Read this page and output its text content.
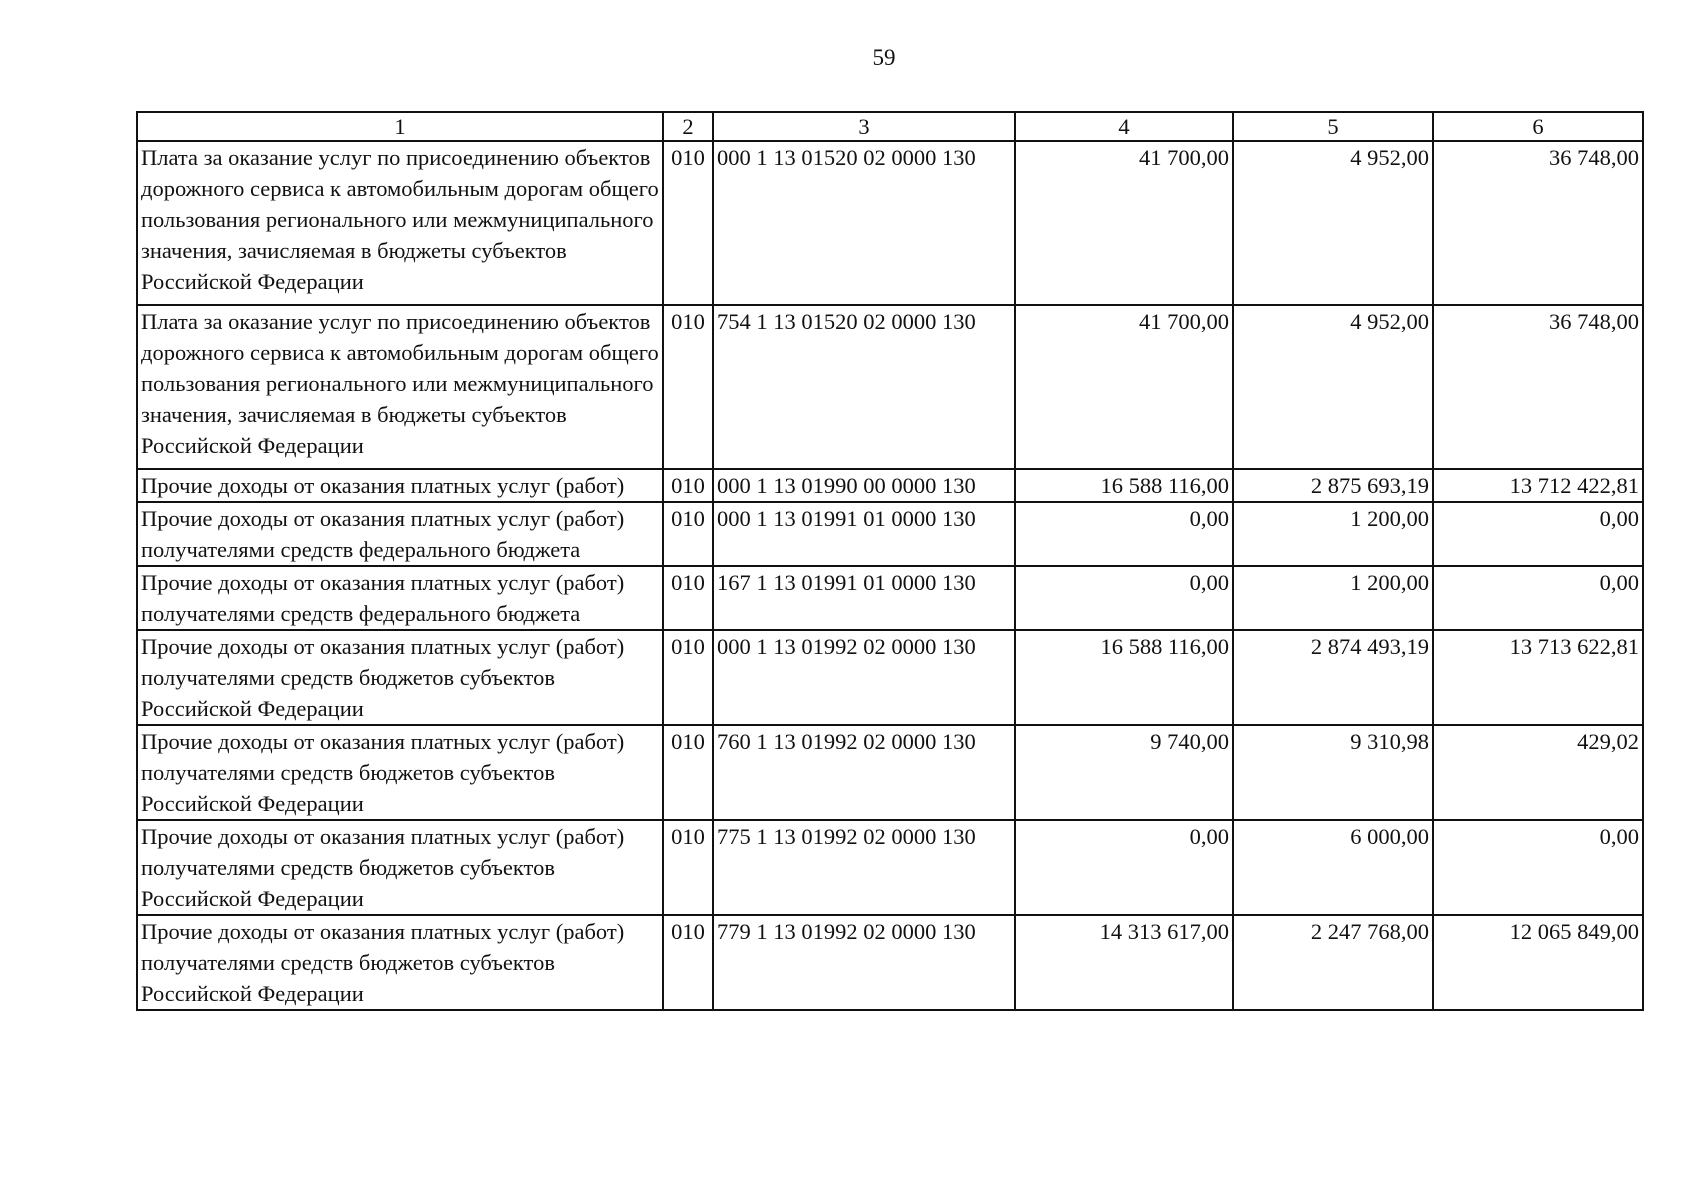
59
1	2	3	4	5	6
Плата за оказание услуг по присоединению объектов дорожного сервиса к автомобильным дорогам общего пользования регионального или межмуниципального значения, зачисляемая в бюджеты субъектов Российской Федерации	010	000 1 13 01520 02 0000 130	41 700,00	4 952,00	36 748,00
Плата за оказание услуг по присоединению объектов дорожного сервиса к автомобильным дорогам общего пользования регионального или межмуниципального значения, зачисляемая в бюджеты субъектов Российской Федерации	010	754 1 13 01520 02 0000 130	41 700,00	4 952,00	36 748,00
Прочие доходы от оказания платных услуг (работ)	010	000 1 13 01990 00 0000 130	16 588 116,00	2 875 693,19	13 712 422,81
Прочие доходы от оказания платных услуг (работ) получателями средств федерального бюджета	010	000 1 13 01991 01 0000 130	0,00	1 200,00	0,00
Прочие доходы от оказания платных услуг (работ) получателями средств федерального бюджета	010	167 1 13 01991 01 0000 130	0,00	1 200,00	0,00
Прочие доходы от оказания платных услуг (работ) получателями средств бюджетов субъектов Российской Федерации	010	000 1 13 01992 02 0000 130	16 588 116,00	2 874 493,19	13 713 622,81
Прочие доходы от оказания платных услуг (работ) получателями средств бюджетов субъектов Российской Федерации	010	760 1 13 01992 02 0000 130	9 740,00	9 310,98	429,02
Прочие доходы от оказания платных услуг (работ) получателями средств бюджетов субъектов Российской Федерации	010	775 1 13 01992 02 0000 130	0,00	6 000,00	0,00
Прочие доходы от оказания платных услуг (работ) получателями средств бюджетов субъектов Российской Федерации	010	779 1 13 01992 02 0000 130	14 313 617,00	2 247 768,00	12 065 849,00
